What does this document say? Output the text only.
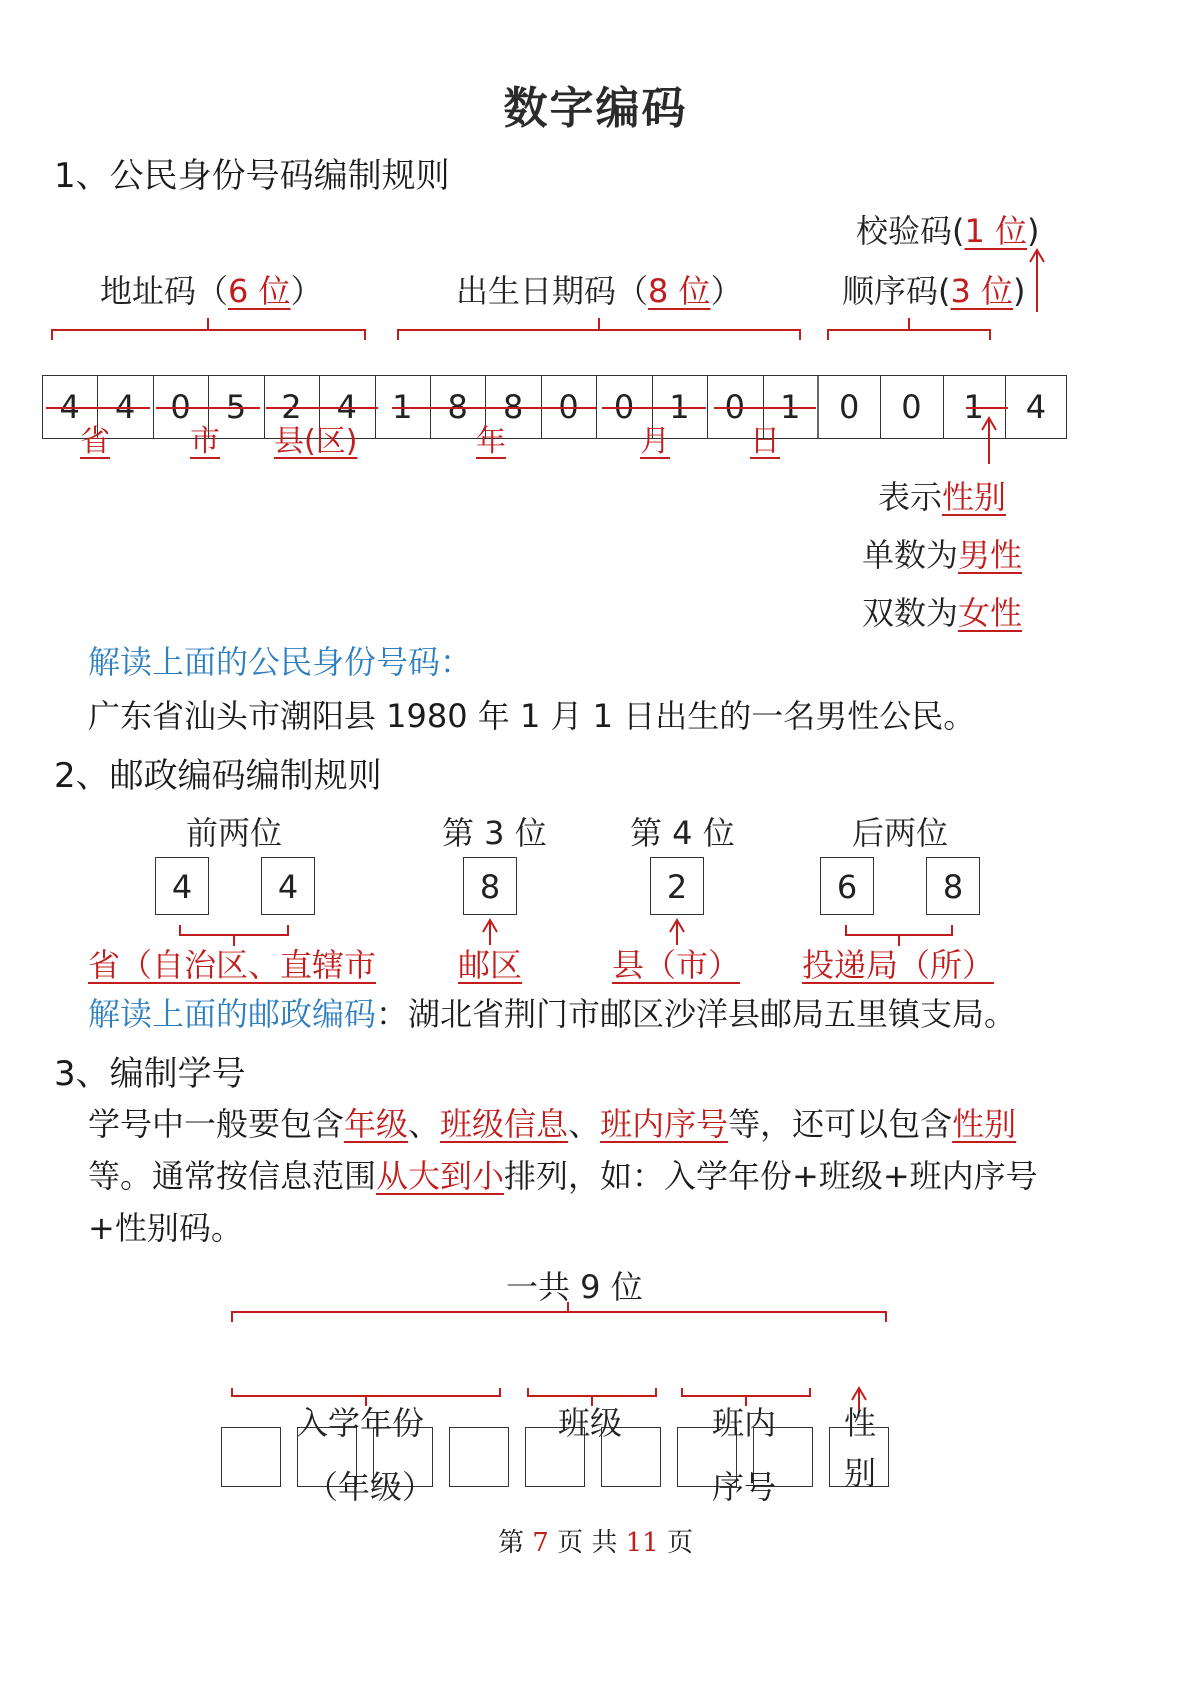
数字编码
1、公民身份号码编制规则
校验码(1 位)
地址码（6 位）	出生日期码（8 位）	顺序码(3 位)
4	4	0	5	2	4	1	8	8	0	0	1	0	1	0	0	1	4
省	市 县(区)	年	月	日
表示性别
单数为男性
双数为女性
解读上面的公民身份号码：
广东省汕头市潮阳县 1980 年 1 月 1 日出生的一名男性公民。
2、邮政编码编制规则
前两位	第 3 位	第 4 位	后两位
4	4	8	2	6	8
省（自治区、直辖市	邮区	县（市） 投递局（所）
解读上面的邮政编码：湖北省荆门市邮区沙洋县邮局五里镇支局。
3、编制学号
学号中一般要包含年级、班级信息、班内序号等，还可以包含性别
等。通常按信息范围从大到小排列，如：入学年份+班级+班内序号
+性别码。
一共 9 位
入学年份
（年级）
班级	班内
序号
性
别
第 7 页 共 11 页
